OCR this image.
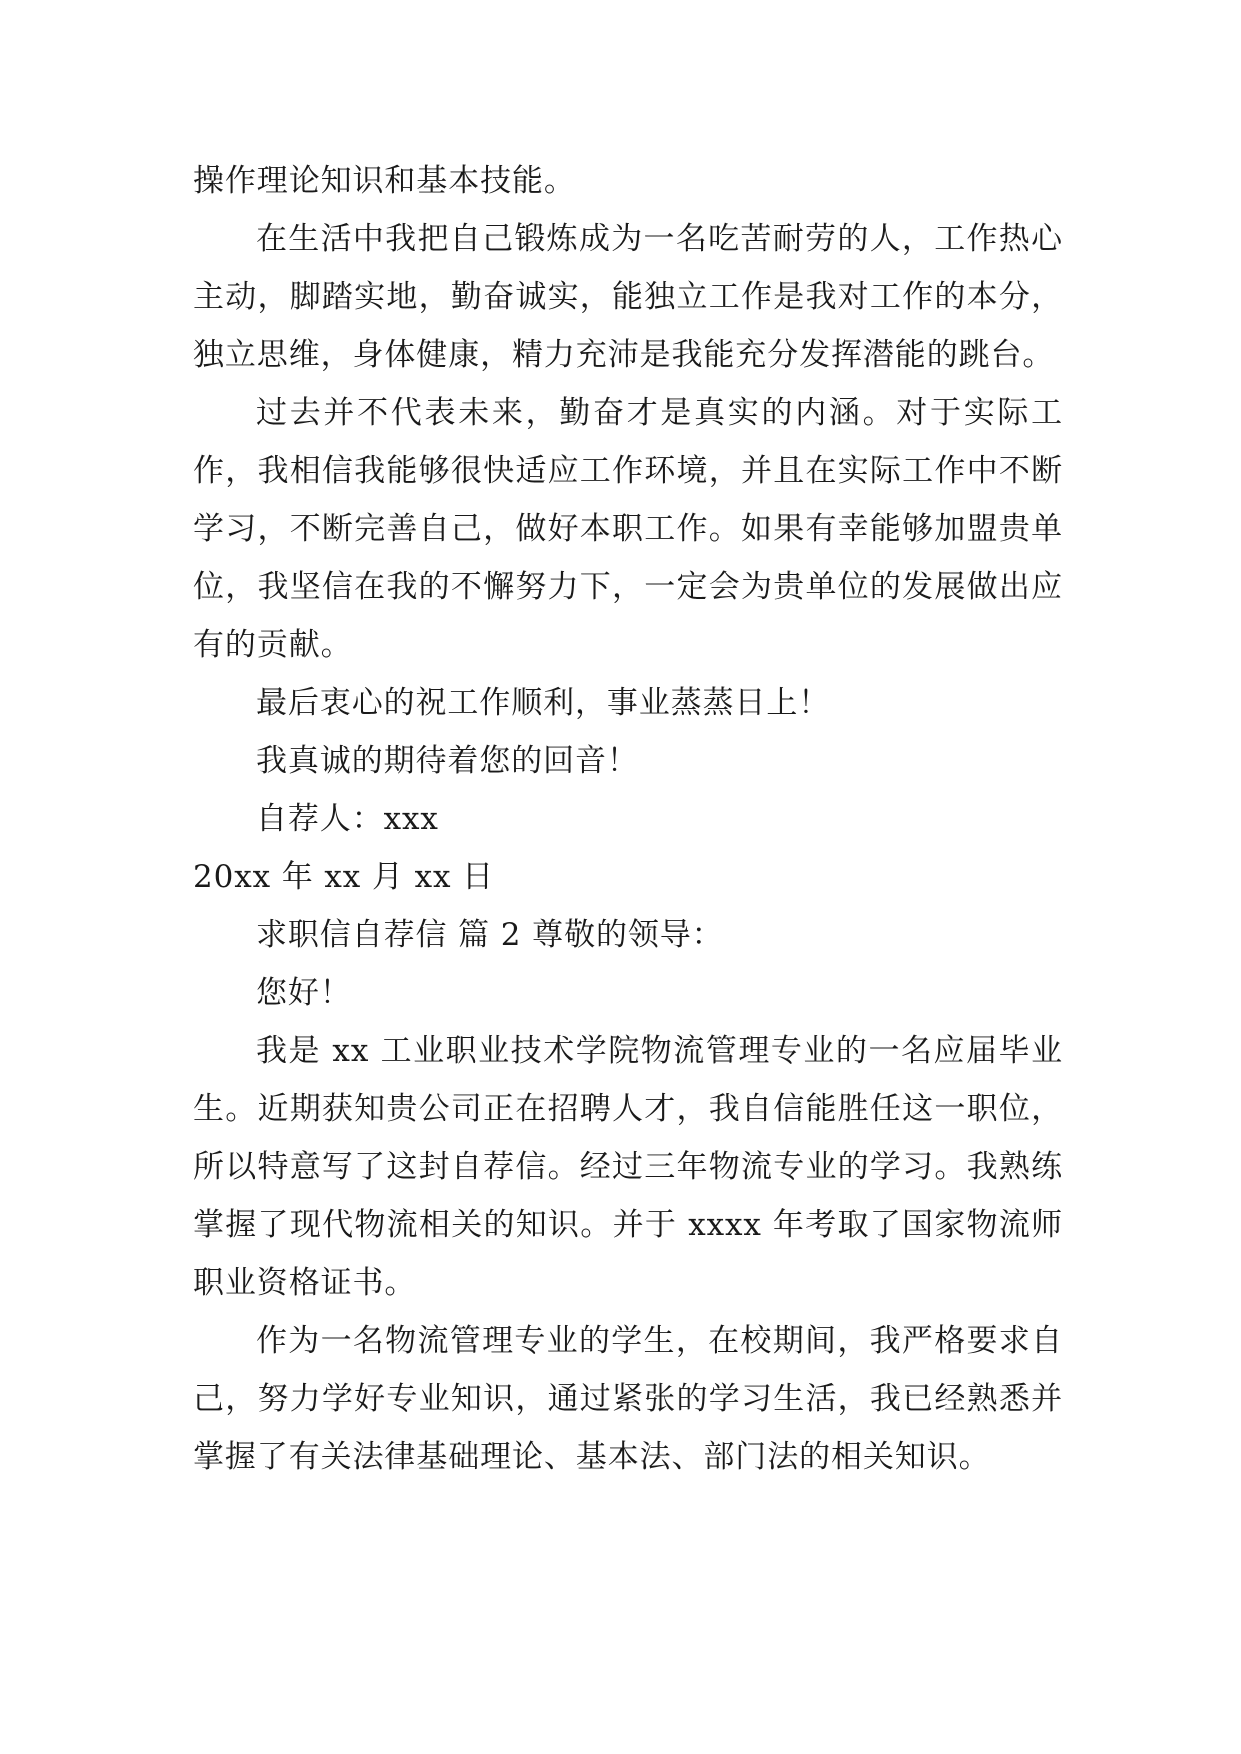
操作理论知识和基本技能。

在生活中我把自己锻炼成为一名吃苦耐劳的人，工作热心主动，脚踏实地，勤奋诚实，能独立工作是我对工作的本分，独立思维，身体健康，精力充沛是我能充分发挥潜能的跳台。

过去并不代表未来，勤奋才是真实的内涵。对于实际工作，我相信我能够很快适应工作环境，并且在实际工作中不断学习，不断完善自己，做好本职工作。如果有幸能够加盟贵单位，我坚信在我的不懈努力下，一定会为贵单位的发展做出应有的贡献。

最后衷心的祝工作顺利，事业蒸蒸日上！

我真诚的期待着您的回音！

自荐人：xxx

20xx 年 xx 月 xx 日

求职信自荐信 篇 2 尊敬的领导：

您好！

我是 xx 工业职业技术学院物流管理专业的一名应届毕业生。近期获知贵公司正在招聘人才，我自信能胜任这一职位，所以特意写了这封自荐信。经过三年物流专业的学习。我熟练掌握了现代物流相关的知识。并于 xxxx 年考取了国家物流师职业资格证书。

作为一名物流管理专业的学生，在校期间，我严格要求自己，努力学好专业知识，通过紧张的学习生活，我已经熟悉并掌握了有关法律基础理论、基本法、部门法的相关知识。
